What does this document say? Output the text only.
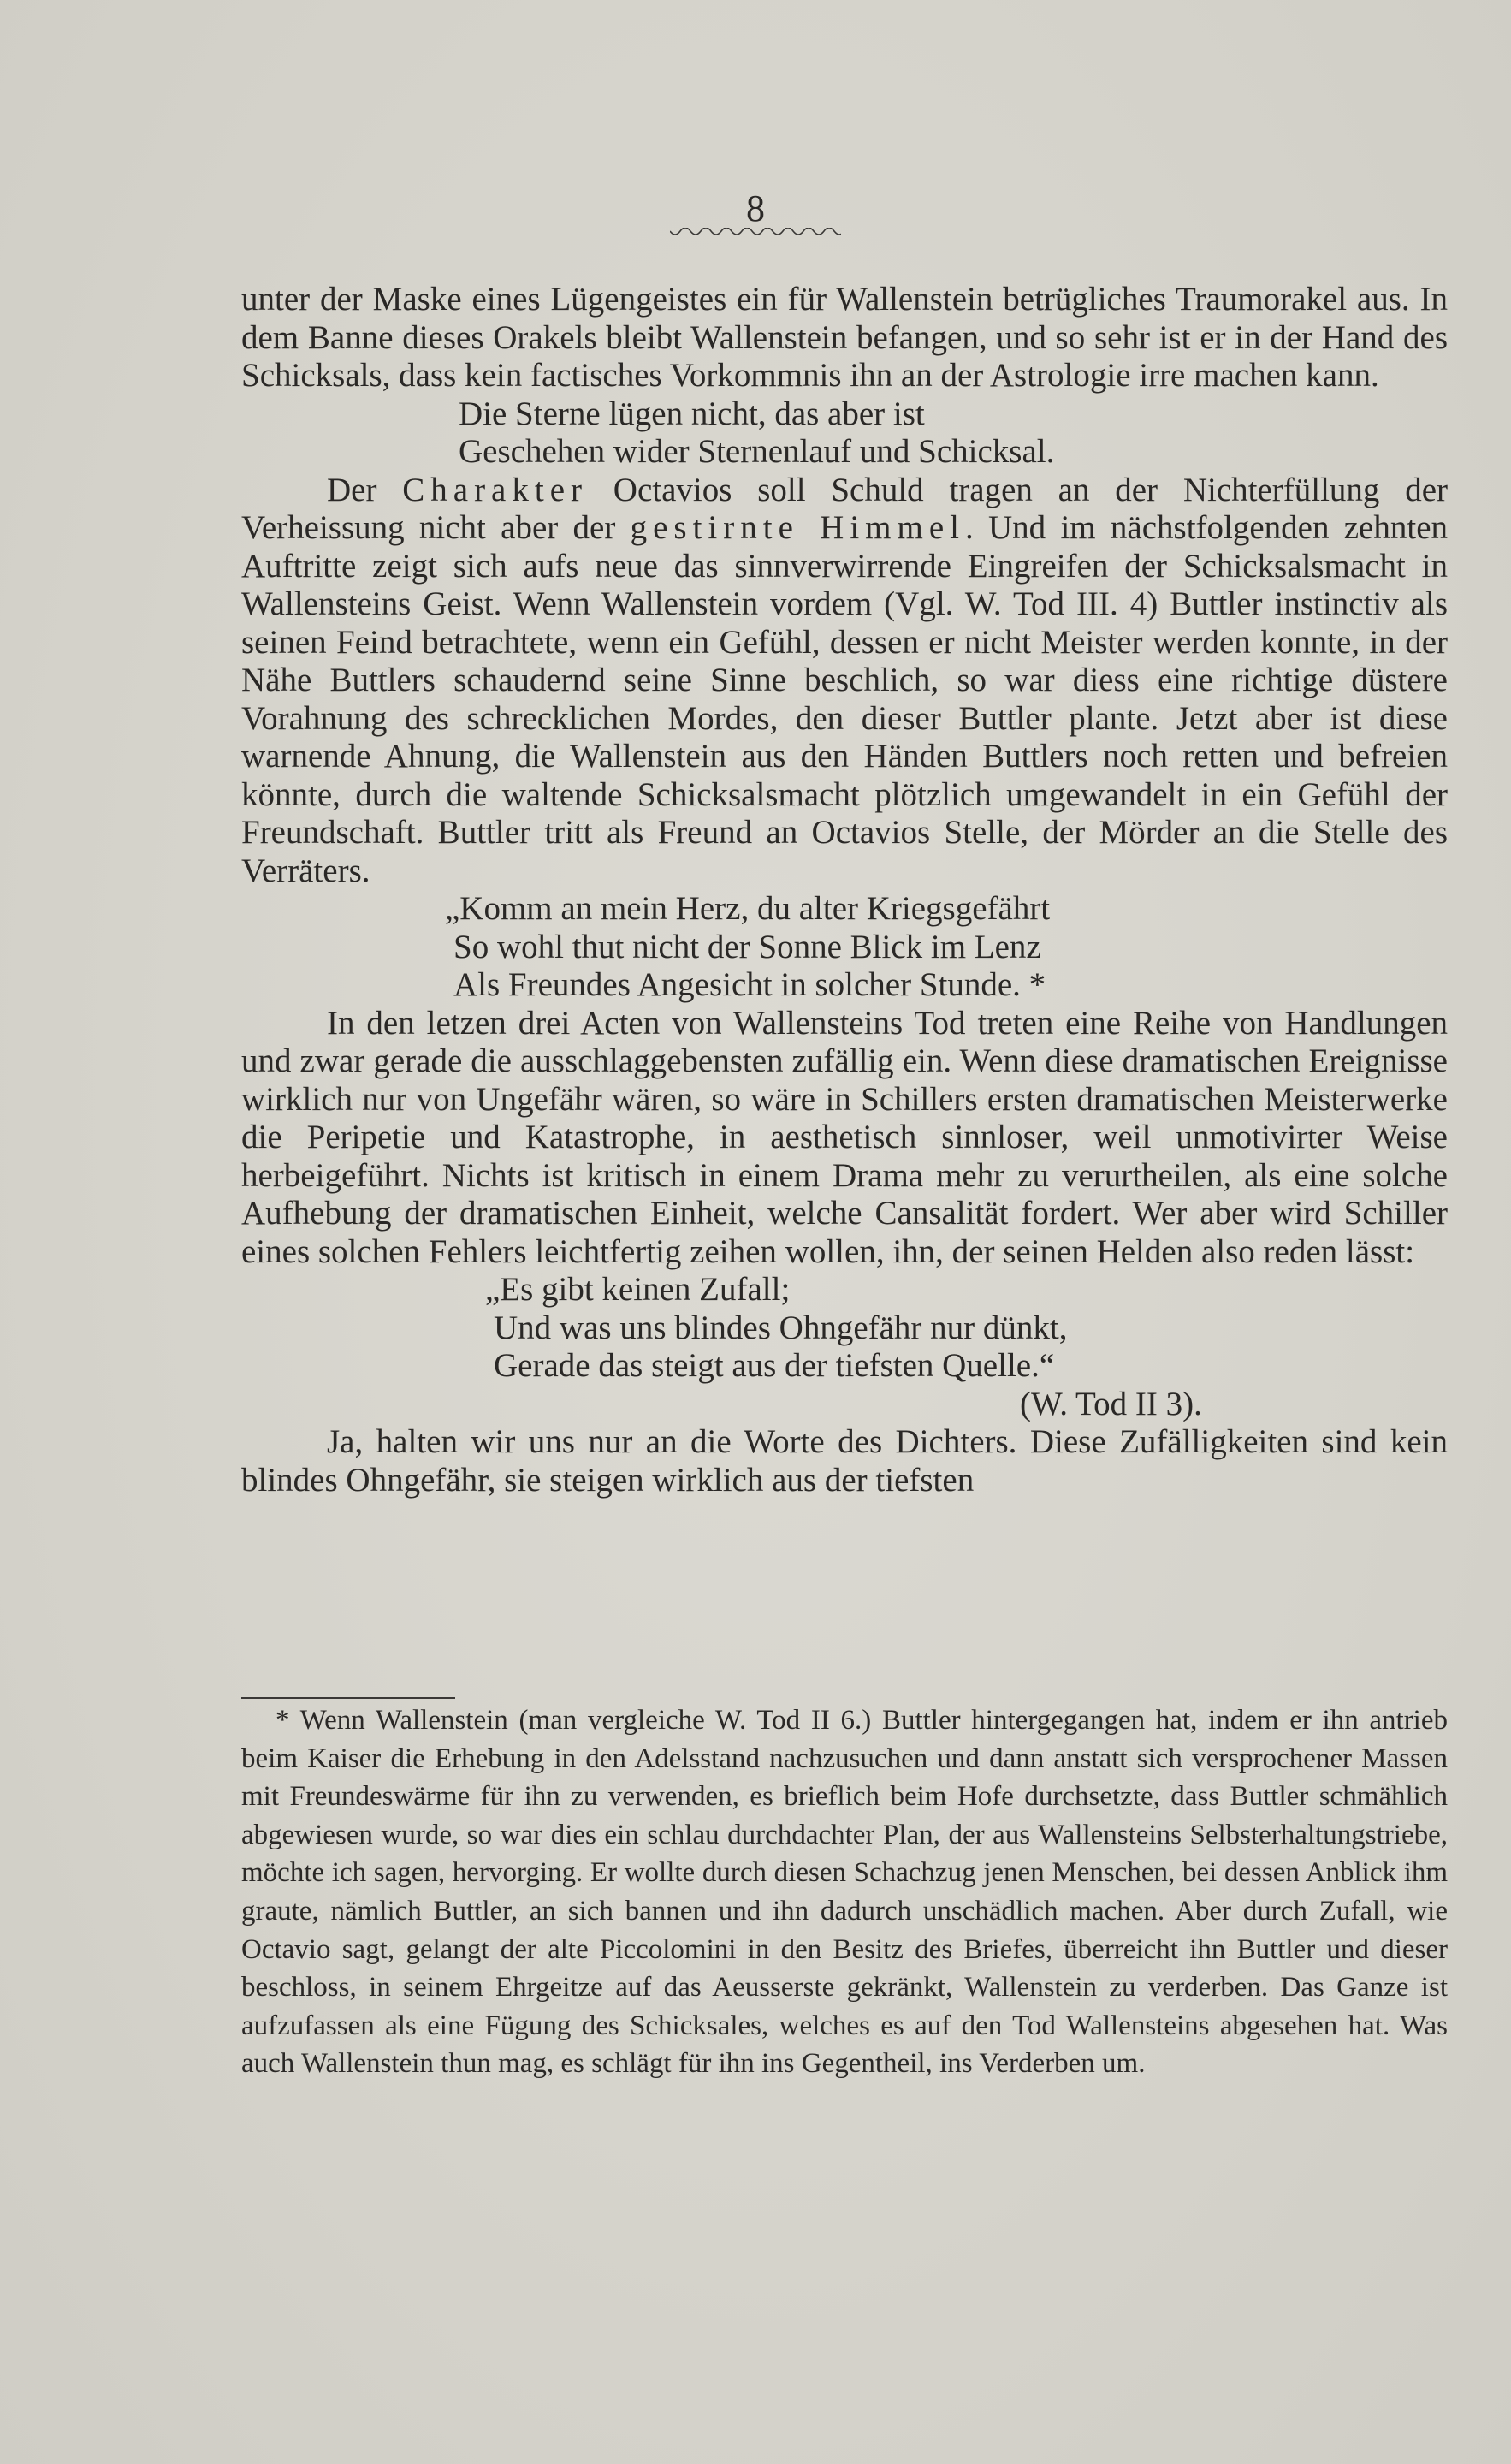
8

unter der Maske eines Lügengeistes ein für Wallenstein betrügliches Traumorakel aus. In dem Banne dieses Orakels bleibt Wallenstein befangen, und so sehr ist er in der Hand des Schicksals, dass kein factisches Vorkommnis ihn an der Astrologie irre machen kann.

Die Sterne lügen nicht, das aber ist

Geschehen wider Sternenlauf und Schicksal.

Der Charakter Octavios soll Schuld tragen an der Nichterfüllung der Verheissung nicht aber der gestirnte Himmel. Und im nächstfolgenden zehnten Auftritte zeigt sich aufs neue das sinnverwirrende Eingreifen der Schicksalsmacht in Wallensteins Geist. Wenn Wallenstein vordem (Vgl. W. Tod III. 4) Buttler instinctiv als seinen Feind betrachtete, wenn ein Gefühl, dessen er nicht Meister werden konnte, in der Nähe Buttlers schaudernd seine Sinne beschlich, so war diess eine richtige düstere Vorahnung des schrecklichen Mordes, den dieser Buttler plante. Jetzt aber ist diese warnende Ahnung, die Wallenstein aus den Händen Buttlers noch retten und befreien könnte, durch die waltende Schicksalsmacht plötzlich umgewandelt in ein Gefühl der Freundschaft. Buttler tritt als Freund an Octavios Stelle, der Mörder an die Stelle des Verräters.

„Komm an mein Herz, du alter Kriegsgefährt

So wohl thut nicht der Sonne Blick im Lenz

Als Freundes Angesicht in solcher Stunde. *

In den letzen drei Acten von Wallensteins Tod treten eine Reihe von Handlungen und zwar gerade die ausschlaggebensten zufällig ein. Wenn diese dramatischen Ereignisse wirklich nur von Ungefähr wären, so wäre in Schillers ersten dramatischen Meisterwerke die Peripetie und Katastrophe, in aesthetisch sinnloser, weil unmotivirter Weise herbeigeführt. Nichts ist kritisch in einem Drama mehr zu verurtheilen, als eine solche Aufhebung der dramatischen Einheit, welche Cansalität fordert. Wer aber wird Schiller eines solchen Fehlers leichtfertig zeihen wollen, ihn, der seinen Helden also reden lässt:

„Es gibt keinen Zufall;

Und was uns blindes Ohngefähr nur dünkt,

Gerade das steigt aus der tiefsten Quelle.“

(W. Tod II 3).

Ja, halten wir uns nur an die Worte des Dichters. Diese Zufälligkeiten sind kein blindes Ohngefähr, sie steigen wirklich aus der tiefsten

* Wenn Wallenstein (man vergleiche W. Tod II 6.) Buttler hintergegangen hat, indem er ihn antrieb beim Kaiser die Erhebung in den Adelsstand nachzusuchen und dann anstatt sich versprochener Massen mit Freundeswärme für ihn zu verwenden, es brieflich beim Hofe durchsetzte, dass Buttler schmählich abgewiesen wurde, so war dies ein schlau durchdachter Plan, der aus Wallensteins Selbsterhaltungstriebe, möchte ich sagen, hervorging. Er wollte durch diesen Schachzug jenen Menschen, bei dessen Anblick ihm graute, nämlich Buttler, an sich bannen und ihn dadurch unschädlich machen. Aber durch Zufall, wie Octavio sagt, gelangt der alte Piccolomini in den Besitz des Briefes, überreicht ihn Buttler und dieser beschloss, in seinem Ehrgeitze auf das Aeusserste gekränkt, Wallenstein zu verderben. Das Ganze ist aufzufassen als eine Fügung des Schicksales, welches es auf den Tod Wallensteins abgesehen hat. Was auch Wallenstein thun mag, es schlägt für ihn ins Gegentheil, ins Verderben um.
